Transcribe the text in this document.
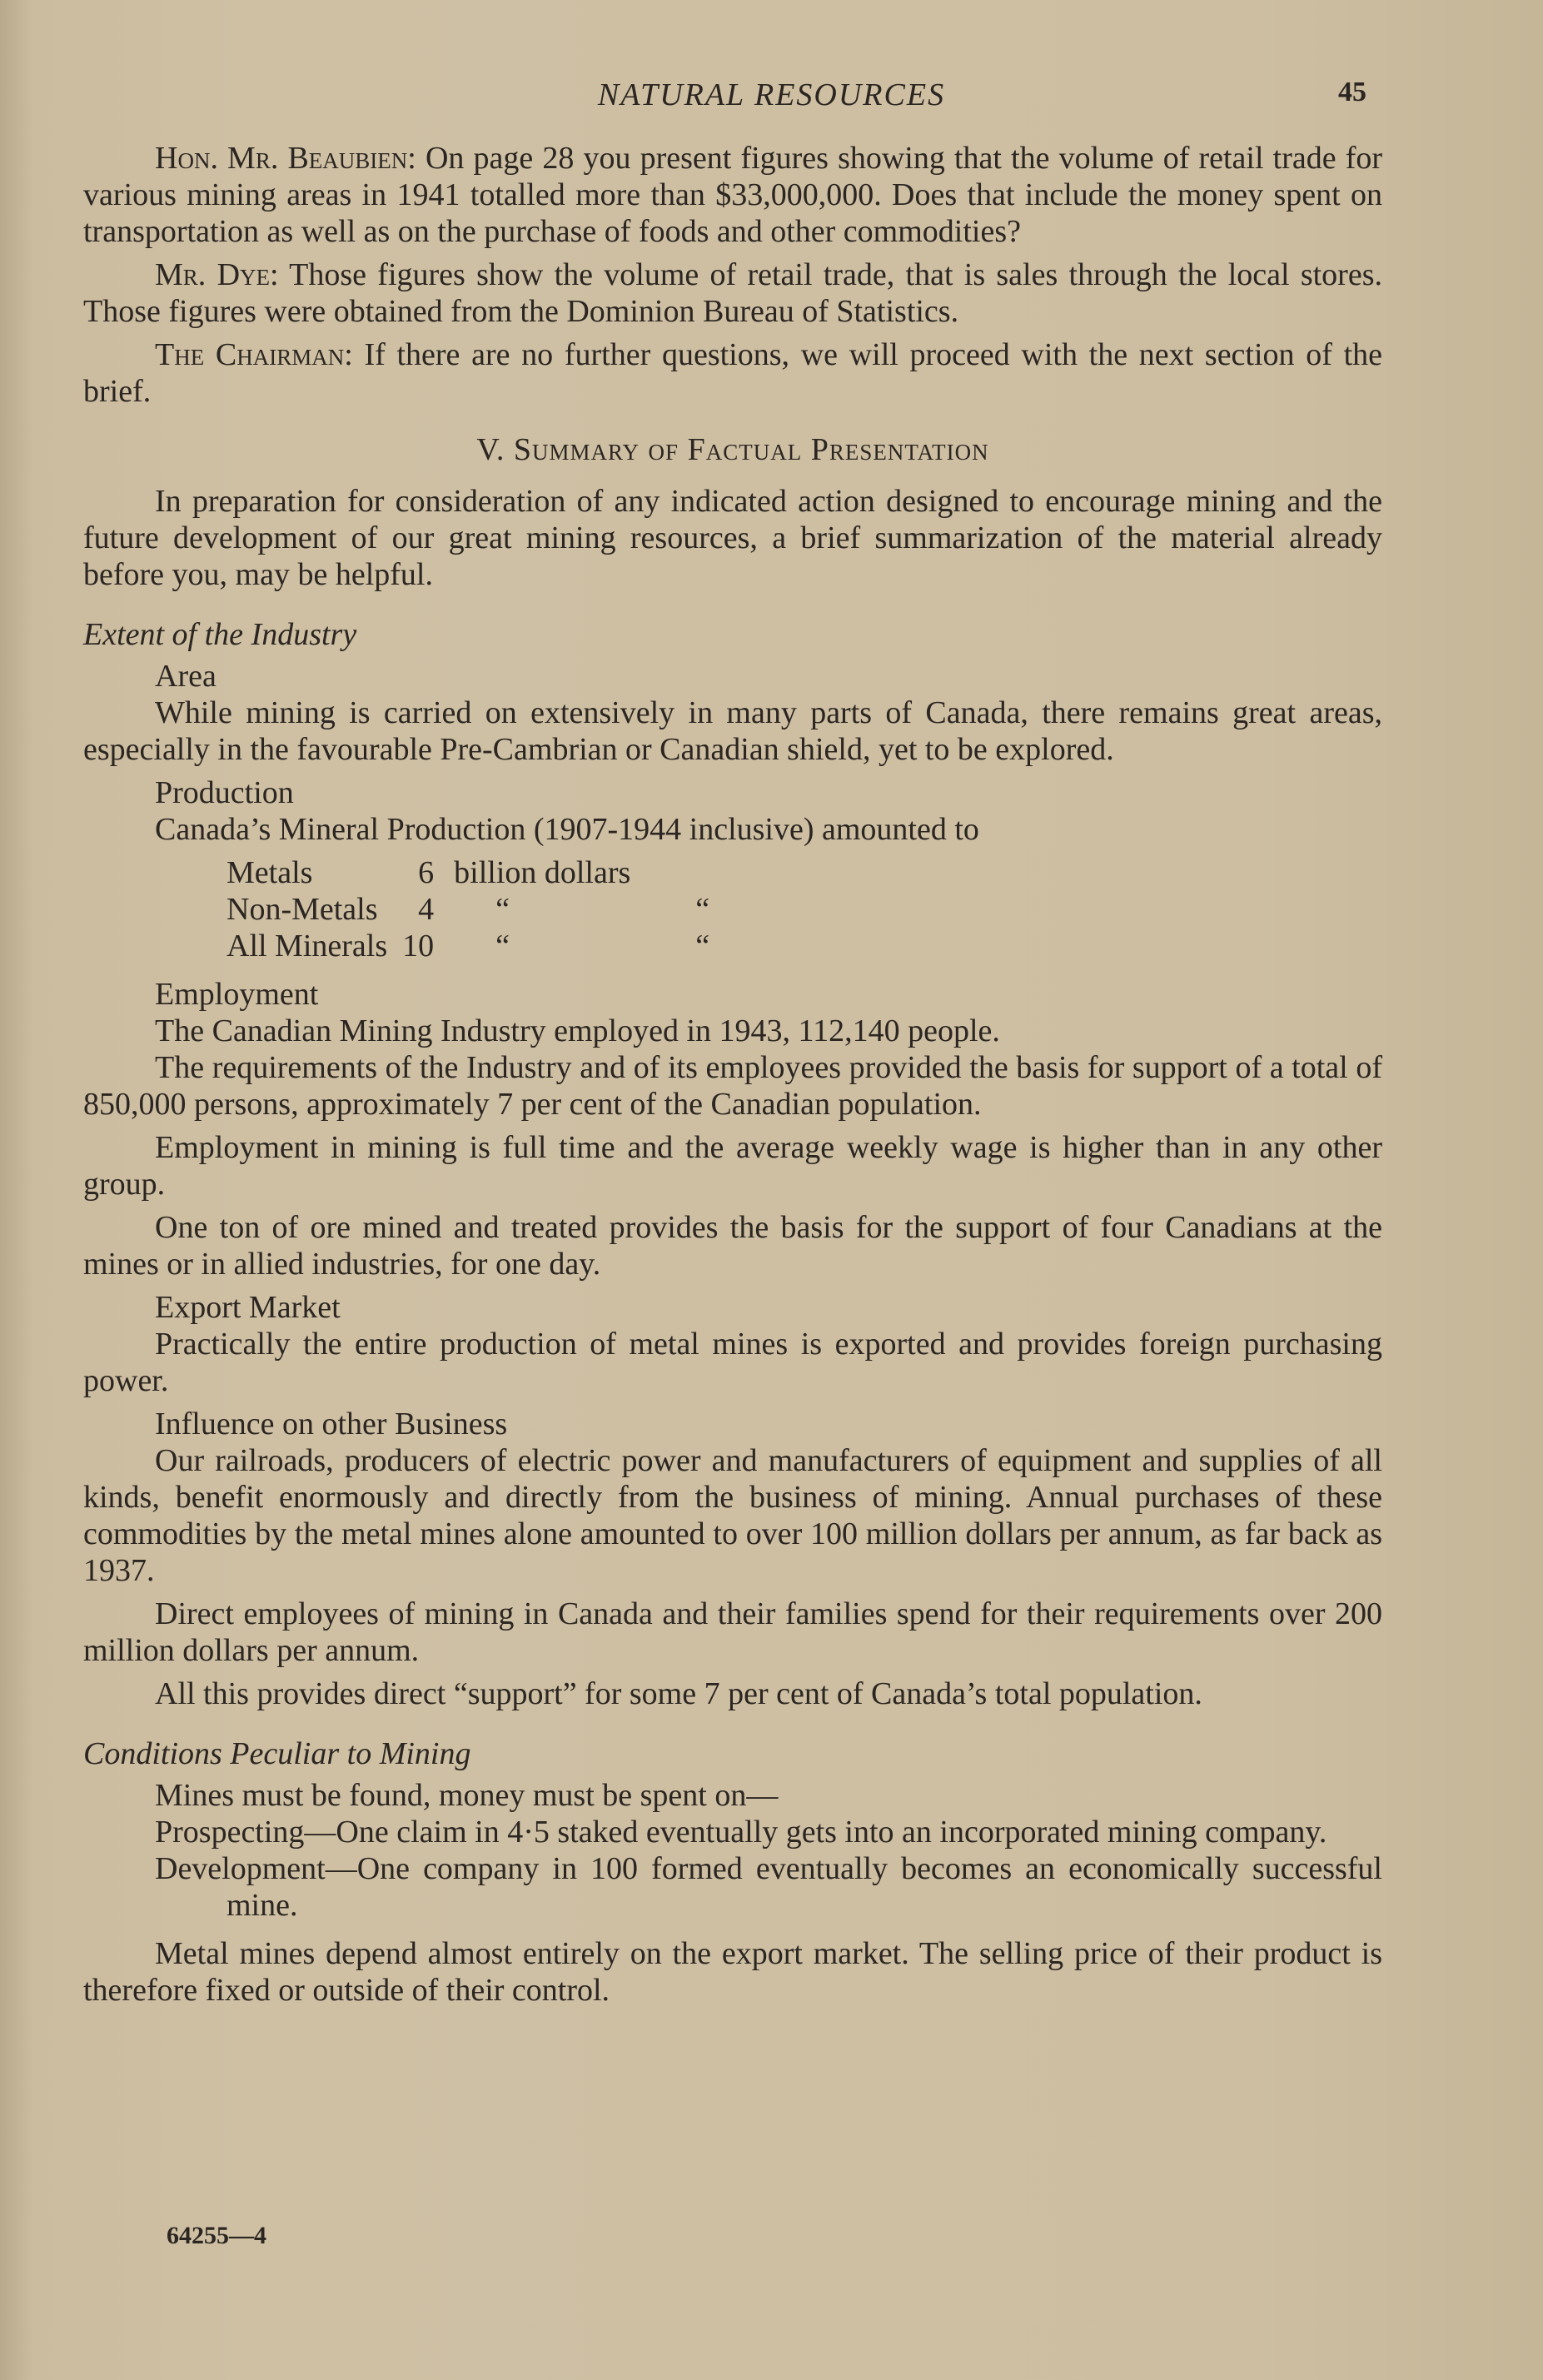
NATURAL RESOURCES	45

Hon. Mr. Beaubien: On page 28 you present figures showing that the volume of retail trade for various mining areas in 1941 totalled more than $33,000,000. Does that include the money spent on transportation as well as on the purchase of foods and other commodities?

Mr. Dye: Those figures show the volume of retail trade, that is sales through the local stores. Those figures were obtained from the Dominion Bureau of Statistics.

The Chairman: If there are no further questions, we will proceed with the next section of the brief.

V. Summary of Factual Presentation

In preparation for consideration of any indicated action designed to encourage mining and the future development of our great mining resources, a brief summarization of the material already before you, may be helpful.

Extent of the Industry
Area

While mining is carried on extensively in many parts of Canada, there remains great areas, especially in the favourable Pre-Cambrian or Canadian shield, yet to be explored.

Production
Canada’s Mineral Production (1907-1944 inclusive) amounted to
Metals	6	billion dollars	
Non-Metals	4	“	“
All Minerals	10	“	“
Employment
The Canadian Mining Industry employed in 1943, 112,140 people.

The requirements of the Industry and of its employees provided the basis for support of a total of 850,000 persons, approximately 7 per cent of the Canadian population.

Employment in mining is full time and the average weekly wage is higher than in any other group.

One ton of ore mined and treated provides the basis for the support of four Canadians at the mines or in allied industries, for one day.

Export Market

Practically the entire production of metal mines is exported and provides foreign purchasing power.

Influence on other Business

Our railroads, producers of electric power and manufacturers of equipment and supplies of all kinds, benefit enormously and directly from the business of mining. Annual purchases of these commodities by the metal mines alone amounted to over 100 million dollars per annum, as far back as 1937.

Direct employees of mining in Canada and their families spend for their requirements over 200 million dollars per annum.

All this provides direct “support” for some 7 per cent of Canada’s total population.

Conditions Peculiar to Mining
Mines must be found, money must be spent on—
Prospecting—One claim in 4·5 staked eventually gets into an incorporated mining company.
Development—One company in 100 formed eventually becomes an economically successful mine.

Metal mines depend almost entirely on the export market. The selling price of their product is therefore fixed or outside of their control.

64255—4
